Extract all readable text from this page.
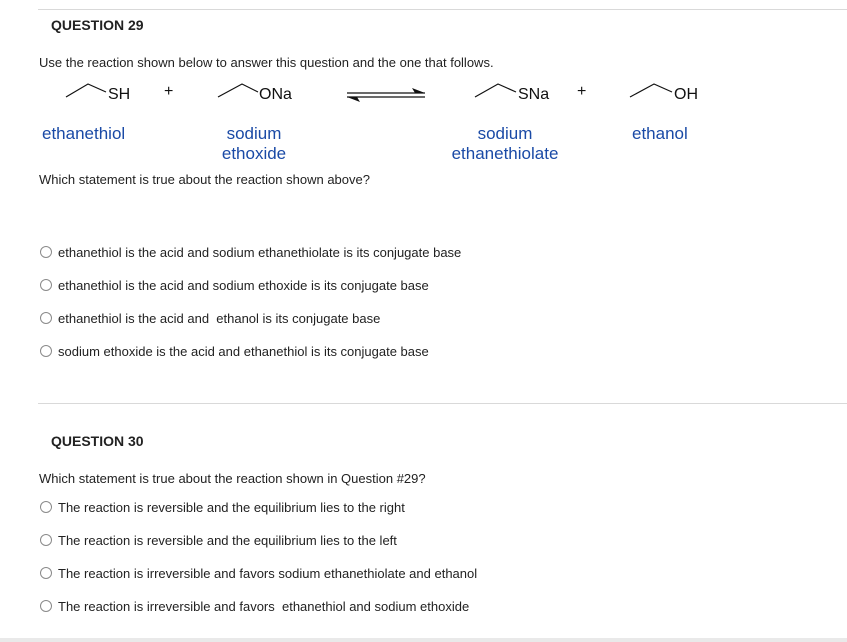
QUESTION 29
Use the reaction shown below to answer this question and the one that follows.
SH +	ONa	SNa +	OH
ethanethiol	sodium
ethoxide
sodium
ethanethiolate
ethanol
Which statement is true about the reaction shown above?
ethanethiol is the acid and sodium ethanethiolate is its conjugate base
ethanethiol is the acid and sodium ethoxide is its conjugate base
ethanethiol is the acid and  ethanol is its conjugate base
sodium ethoxide is the acid and ethanethiol is its conjugate base
QUESTION 30
Which statement is true about the reaction shown in Question #29?
The reaction is reversible and the equilibrium lies to the right
The reaction is reversible and the equilibrium lies to the left
The reaction is irreversible and favors sodium ethanethiolate and ethanol
The reaction is irreversible and favors  ethanethiol and sodium ethoxide
